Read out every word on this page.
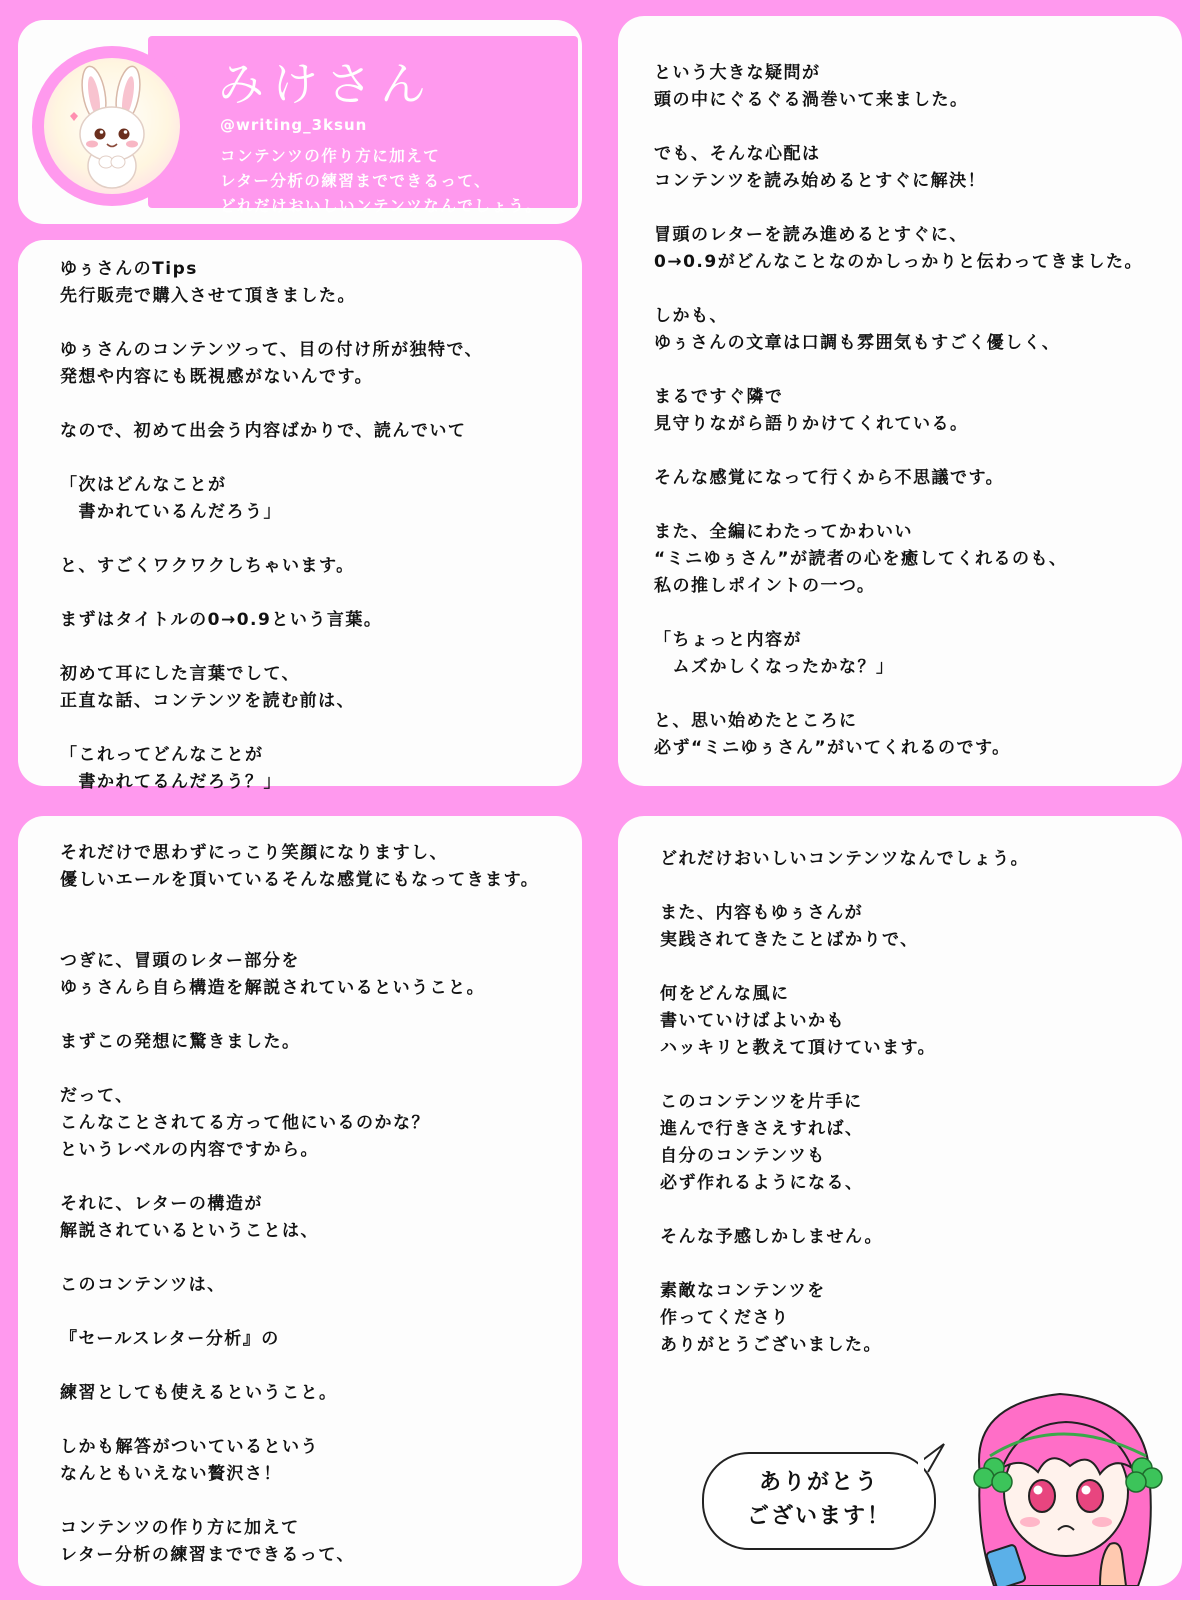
みけさん
@writing_3ksun

コンテンツの作り方に加えて
レター分析の練習までできるって、
どれだけおいしいンテンツなんでしょう。

ゆぅさんのTips
先行販売で購入させて頂きました。

ゆぅさんのコンテンツって、目の付け所が独特で、
発想や内容にも既視感がないんです。

なので、初めて出会う内容ばかりで、読んでいて

「次はどんなことが
　書かれているんだろう」

と、すごくワクワクしちゃいます。

まずはタイトルの0→0.9という言葉。

初めて耳にした言葉でして、
正直な話、コンテンツを読む前は、

「これってどんなことが
　書かれてるんだろう？」

という大きな疑問が
頭の中にぐるぐる渦巻いて来ました。

でも、そんな心配は
コンテンツを読み始めるとすぐに解決！

冒頭のレターを読み進めるとすぐに、
0→0.9がどんなことなのかしっかりと伝わってきました。

しかも、
ゆぅさんの文章は口調も雰囲気もすごく優しく、

まるですぐ隣で
見守りながら語りかけてくれている。

そんな感覚になって行くから不思議です。

また、全編にわたってかわいい
“ミニゆぅさん”が読者の心を癒してくれるのも、
私の推しポイントの一つ。

「ちょっと内容が
　ムズかしくなったかな？」

と、思い始めたところに
必ず“ミニゆぅさん”がいてくれるのです。

それだけで思わずにっこり笑顔になりますし、
優しいエールを頂いているそんな感覚にもなってきます。

つぎに、冒頭のレター部分を
ゆぅさんら自ら構造を解説されているということ。

まずこの発想に驚きました。

だって、
こんなことされてる方って他にいるのかな？
というレベルの内容ですから。

それに、レターの構造が
解説されているということは、

このコンテンツは、

『セールスレター分析』の

練習としても使えるということ。

しかも解答がついているという
なんともいえない贅沢さ！

コンテンツの作り方に加えて
レター分析の練習までできるって、

どれだけおいしいコンテンツなんでしょう。

また、内容もゆぅさんが
実践されてきたことばかりで、

何をどんな風に
書いていけばよいかも
ハッキリと教えて頂けています。

このコンテンツを片手に
進んで行きさえすれば、
自分のコンテンツも
必ず作れるようになる、

そんな予感しかしません。

素敵なコンテンツを
作ってくださり
ありがとうございました。

ありがとう
ございます！
